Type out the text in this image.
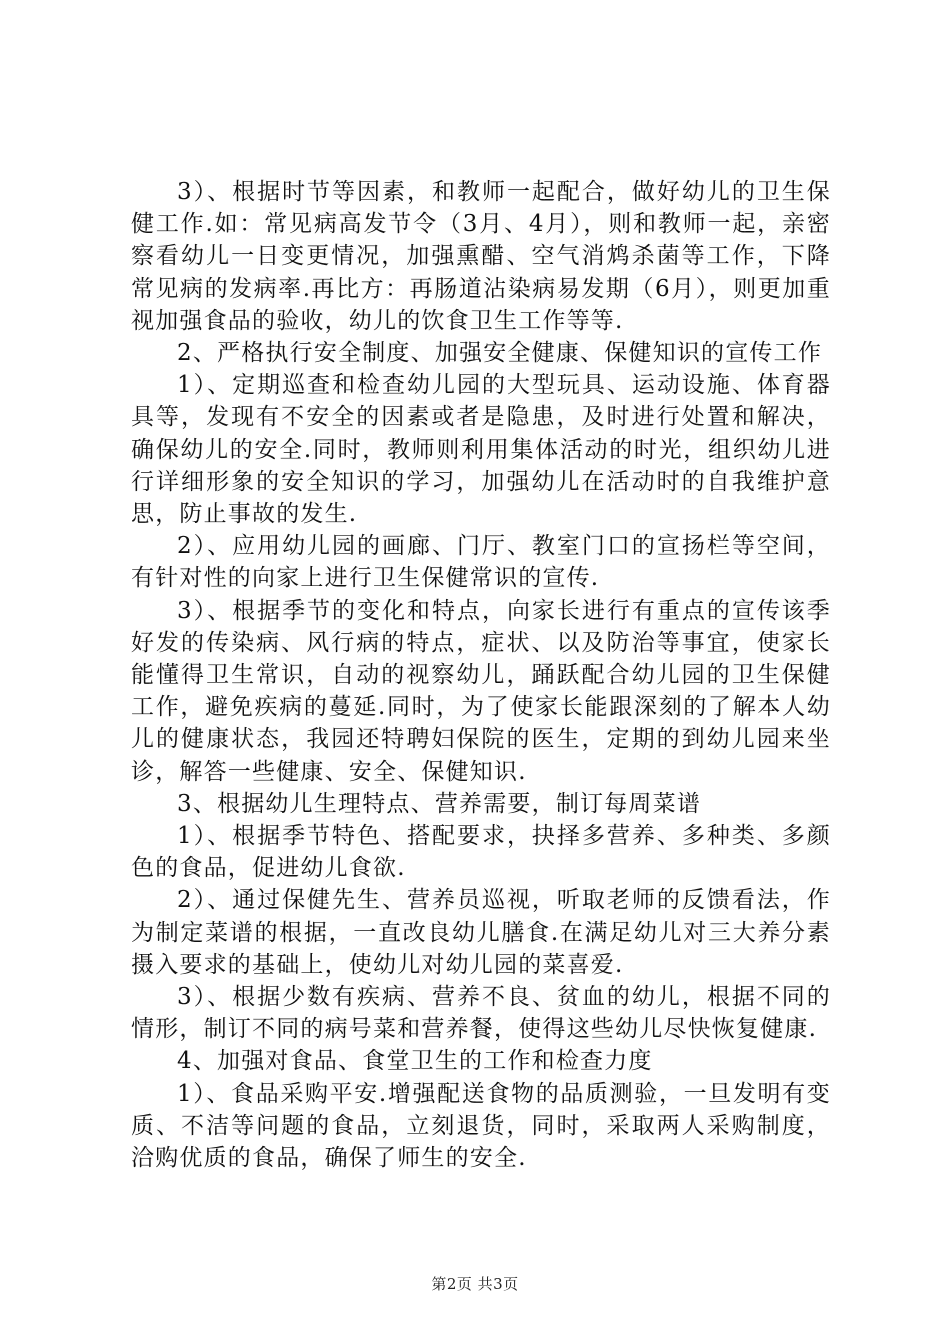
3）、根据时节等因素，和教师一起配合，做好幼儿的卫生保健工作.如：常见病高发节令（3月、4月），则和教师一起，亲密察看幼儿一日变更情况，加强熏醋、空气消鸩杀菌等工作，下降常见病的发病率.再比方：再肠道沾染病易发期（6月），则更加重视加强食品的验收，幼儿的饮食卫生工作等等.

2、严格执行安全制度、加强安全健康、保健知识的宣传工作

1）、定期巡查和检查幼儿园的大型玩具、运动设施、体育器具等，发现有不安全的因素或者是隐患，及时进行处置和解决，确保幼儿的安全.同时，教师则利用集体活动的时光，组织幼儿进行详细形象的安全知识的学习，加强幼儿在活动时的自我维护意思，防止事故的发生.

2）、应用幼儿园的画廊、门厅、教室门口的宣扬栏等空间，有针对性的向家上进行卫生保健常识的宣传.

3）、根据季节的变化和特点，向家长进行有重点的宣传该季好发的传染病、风行病的特点，症状、以及防治等事宜，使家长能懂得卫生常识，自动的视察幼儿，踊跃配合幼儿园的卫生保健工作，避免疾病的蔓延.同时，为了使家长能跟深刻的了解本人幼儿的健康状态，我园还特聘妇保院的医生，定期的到幼儿园来坐诊，解答一些健康、安全、保健知识.

3、根据幼儿生理特点、营养需要，制订每周菜谱

1）、根据季节特色、搭配要求，抉择多营养、多种类、多颜色的食品，促进幼儿食欲.

2）、通过保健先生、营养员巡视，听取老师的反馈看法，作为制定菜谱的根据，一直改良幼儿膳食.在满足幼儿对三大养分素摄入要求的基础上，使幼儿对幼儿园的菜喜爱.

3）、根据少数有疾病、营养不良、贫血的幼儿，根据不同的情形，制订不同的病号菜和营养餐，使得这些幼儿尽快恢复健康.

4、加强对食品、食堂卫生的工作和检查力度

1）、食品采购平安.增强配送食物的品质测验，一旦发明有变质、不洁等问题的食品，立刻退货，同时，采取两人采购制度，洽购优质的食品，确保了师生的安全.

第2页 共3页
